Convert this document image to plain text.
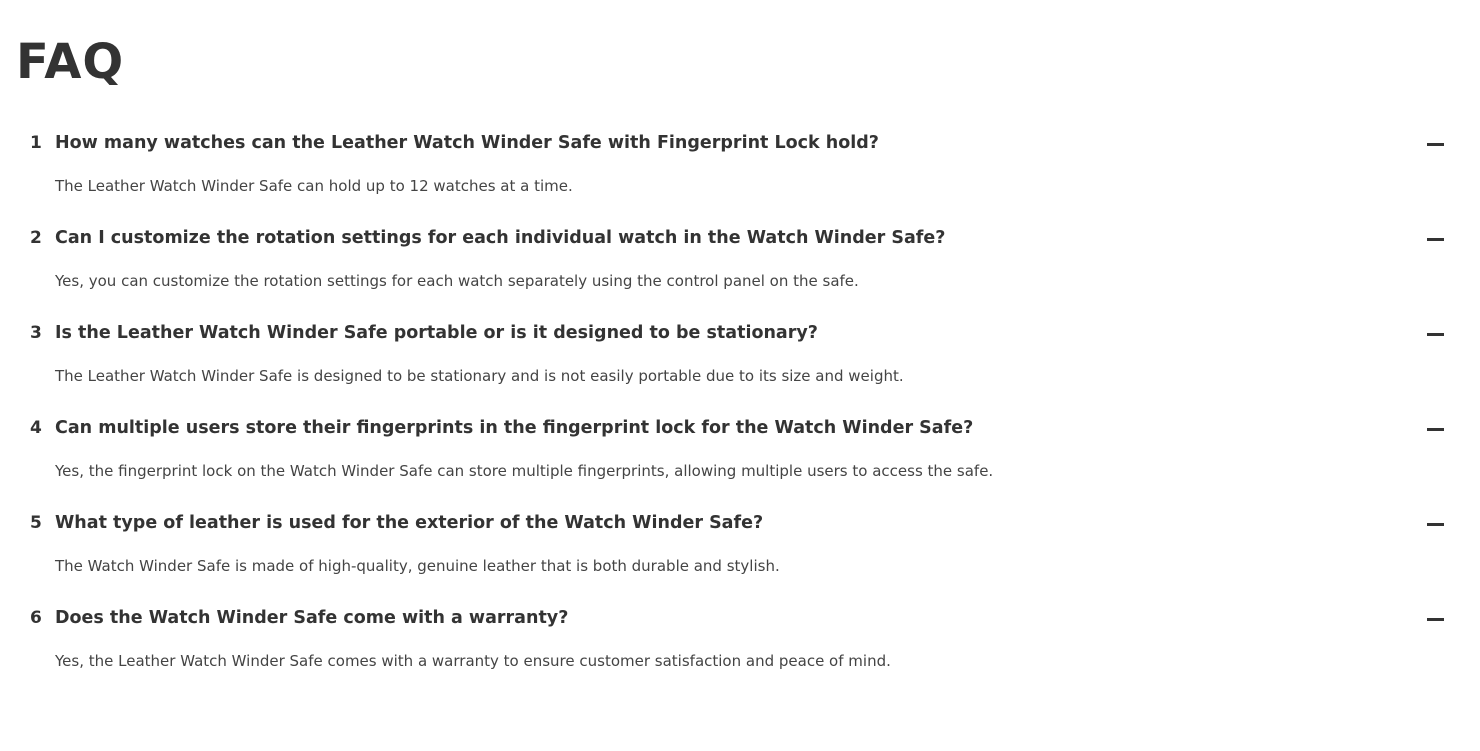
FAQ
1 How many watches can the Leather Watch Winder Safe with Fingerprint Lock hold?
The Leather Watch Winder Safe can hold up to 12 watches at a time.
2 Can I customize the rotation settings for each individual watch in the Watch Winder Safe?
Yes, you can customize the rotation settings for each watch separately using the control panel on the safe.
3 Is the Leather Watch Winder Safe portable or is it designed to be stationary?
The Leather Watch Winder Safe is designed to be stationary and is not easily portable due to its size and weight.
4 Can multiple users store their fingerprints in the fingerprint lock for the Watch Winder Safe?
Yes, the fingerprint lock on the Watch Winder Safe can store multiple fingerprints, allowing multiple users to access the safe.
5 What type of leather is used for the exterior of the Watch Winder Safe?
The Watch Winder Safe is made of high-quality, genuine leather that is both durable and stylish.
6 Does the Watch Winder Safe come with a warranty?
Yes, the Leather Watch Winder Safe comes with a warranty to ensure customer satisfaction and peace of mind.
